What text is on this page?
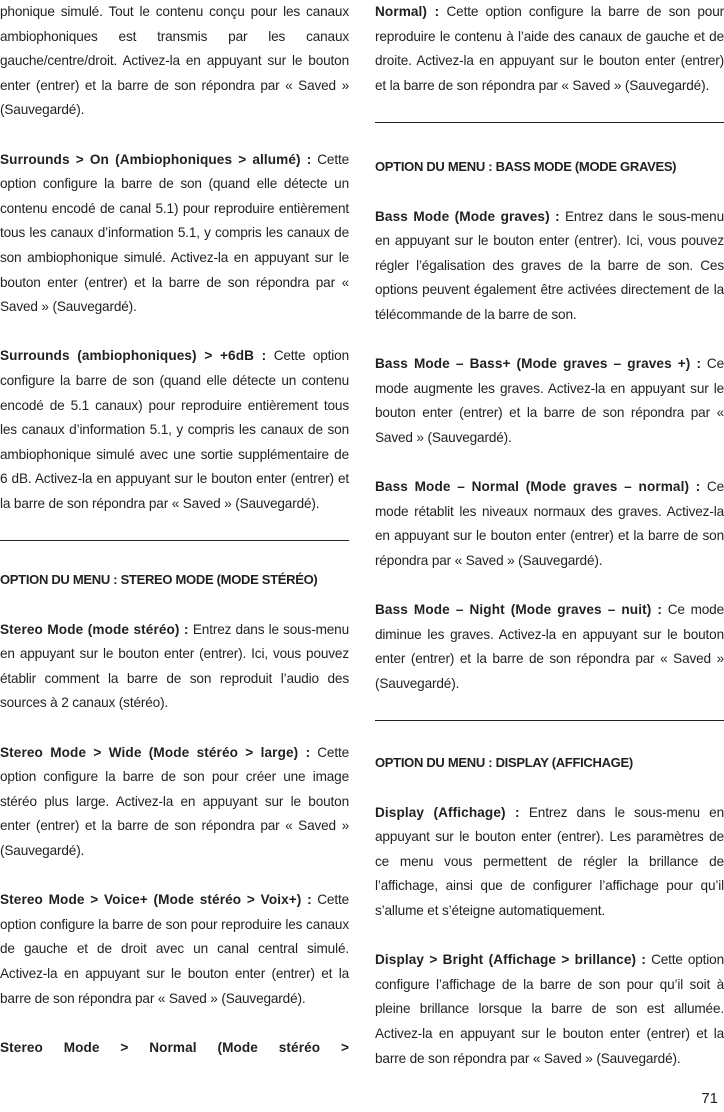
phonique simulé. Tout le contenu conçu pour les canaux ambiophoniques est transmis par les canaux gauche/centre/droit. Activez-la en appuyant sur le bouton enter (entrer) et la barre de son répondra par « Saved » (Sauvegardé).

Surrounds > On (Ambiophoniques > allumé) : Cette option configure la barre de son (quand elle détecte un contenu encodé de canal 5.1) pour reproduire entièrement tous les canaux d’information 5.1, y compris les canaux de son ambiophonique simulé. Activez-la en appuyant sur le bouton enter (entrer) et la barre de son répondra par « Saved » (Sauvegardé).

Surrounds (ambiophoniques) > +6dB : Cette option configure la barre de son (quand elle détecte un contenu encodé de 5.1 canaux) pour reproduire entièrement tous les canaux d’information 5.1, y compris les canaux de son ambiophonique simulé avec une sortie supplémentaire de 6 dB. Activez-la en appuyant sur le bouton enter (entrer) et la barre de son répondra par « Saved » (Sauvegardé).

OPTION DU MENU : STEREO MODE (MODE STÉRÉO)

Stereo Mode (mode stéréo) : Entrez dans le sous-menu en appuyant sur le bouton enter (entrer). Ici, vous pouvez établir comment la barre de son reproduit l’audio des sources à 2 canaux (stéréo).

Stereo Mode > Wide (Mode stéréo > large) : Cette option configure la barre de son pour créer une image stéréo plus large. Activez-la en appuyant sur le bouton enter (entrer) et la barre de son répondra par « Saved » (Sauvegardé).

Stereo Mode > Voice+ (Mode stéréo > Voix+) : Cette option configure la barre de son pour reproduire les canaux de gauche et de droit avec un canal central simulé. Activez-la en appuyant sur le bouton enter (entrer) et la barre de son répondra par « Saved » (Sauvegardé).

Stereo Mode > Normal (Mode stéréo >

Normal) : Cette option configure la barre de son pour reproduire le contenu à l’aide des canaux de gauche et de droite. Activez-la en appuyant sur le bouton enter (entrer) et la barre de son répondra par « Saved » (Sauvegardé).

OPTION DU MENU : BASS MODE (MODE GRAVES)

Bass Mode (Mode graves) : Entrez dans le sous-menu en appuyant sur le bouton enter (entrer). Ici, vous pouvez régler l’égalisation des graves de la barre de son. Ces options peuvent également être activées directement de la télécommande de la barre de son.

Bass Mode – Bass+ (Mode graves – graves +) : Ce mode augmente les graves. Activez-la en appuyant sur le bouton enter (entrer) et la barre de son répondra par « Saved » (Sauvegardé).

Bass Mode – Normal (Mode graves – normal) : Ce mode rétablit les niveaux normaux des graves. Activez-la en appuyant sur le bouton enter (entrer) et la barre de son répondra par « Saved » (Sauvegardé).

Bass Mode – Night (Mode graves – nuit) : Ce mode diminue les graves. Activez-la en appuyant sur le bouton enter (entrer) et la barre de son répondra par « Saved » (Sauvegardé).

OPTION DU MENU : DISPLAY (AFFICHAGE)

Display (Affichage) : Entrez dans le sous-menu en appuyant sur le bouton enter (entrer). Les paramètres de ce menu vous permettent de régler la brillance de l’affichage, ainsi que de configurer l’affichage pour qu’il s’allume et s’éteigne automatiquement.

Display > Bright (Affichage > brillance) : Cette option configure l’affichage de la barre de son pour qu’il soit à pleine brillance lorsque la barre de son est allumée. Activez-la en appuyant sur le bouton enter (entrer) et la barre de son répondra par « Saved » (Sauvegardé).

71
